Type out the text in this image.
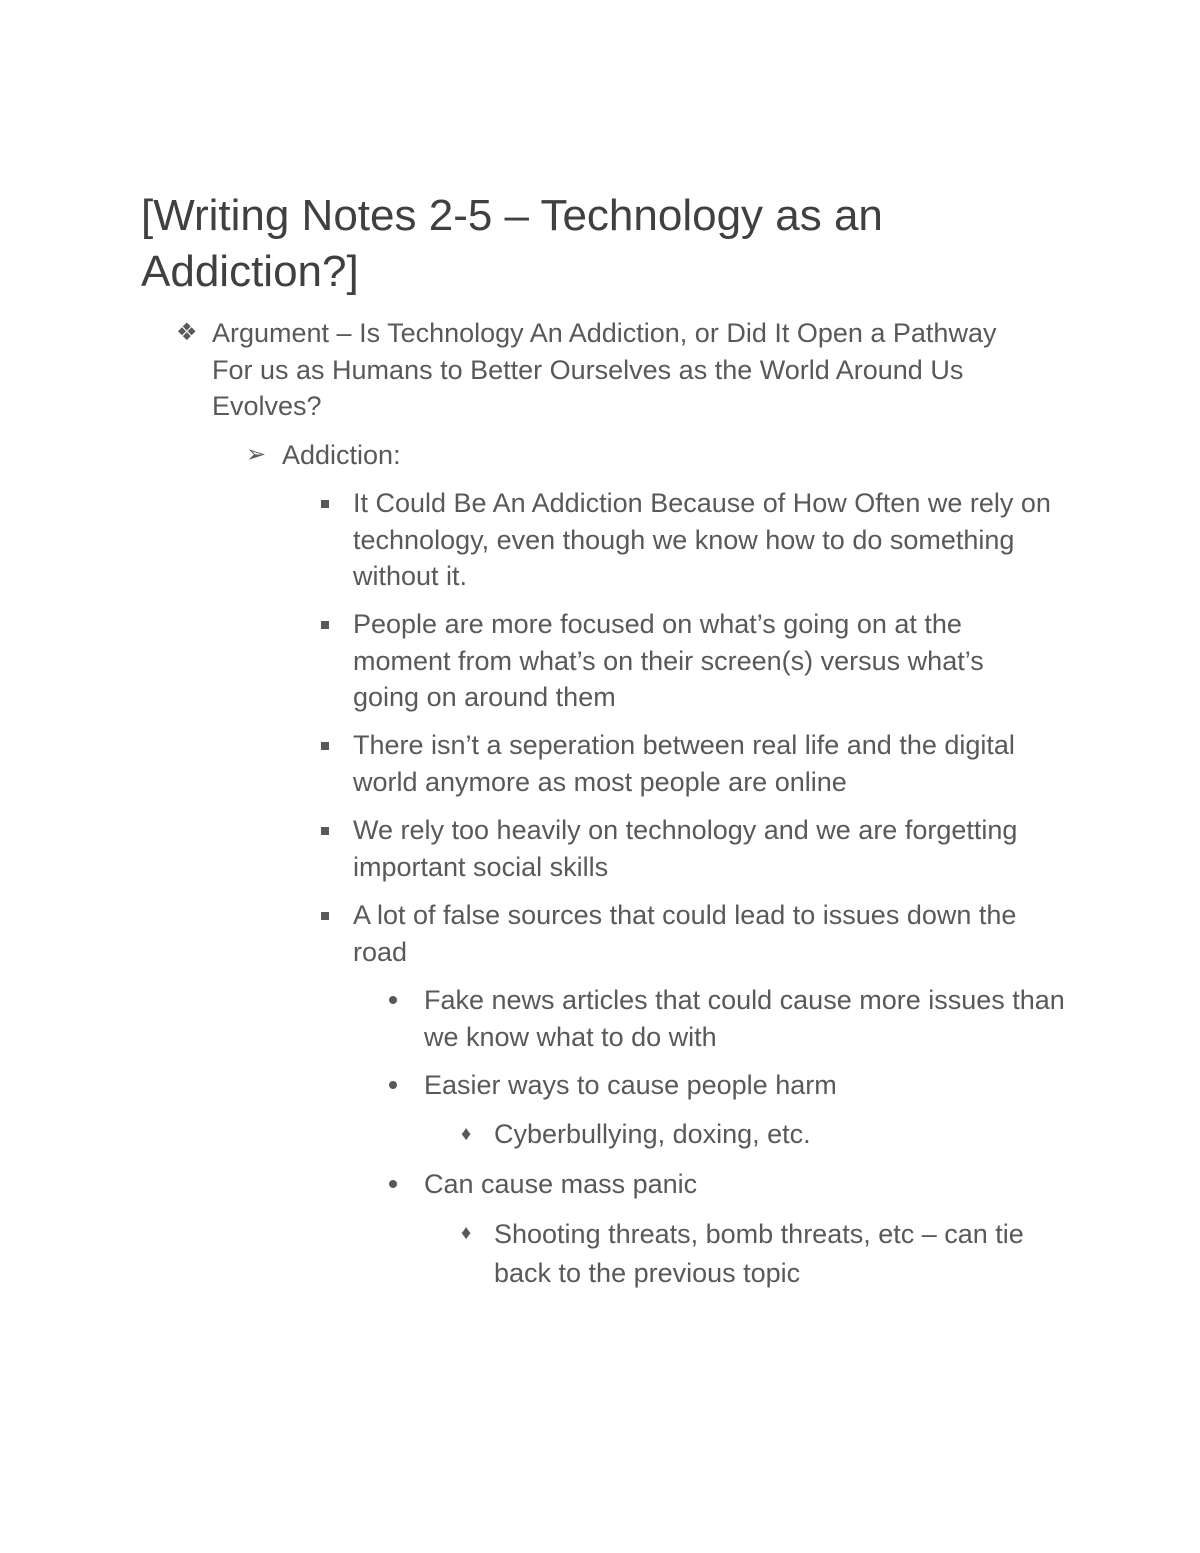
[Writing Notes 2-5 – Technology as an Addiction?]
❖ Argument – Is Technology An Addiction, or Did It Open a Pathway For us as Humans to Better Ourselves as the World Around Us Evolves?
➢ Addiction:
It Could Be An Addiction Because of How Often we rely on technology, even though we know how to do something without it.
People are more focused on what’s going on at the moment from what’s on their screen(s) versus what’s going on around them
There isn’t a seperation between real life and the digital world anymore as most people are online
We rely too heavily on technology and we are forgetting important social skills
A lot of false sources that could lead to issues down the road
Fake news articles that could cause more issues than we know what to do with
Easier ways to cause people harm
♦ Cyberbullying, doxing, etc.
Can cause mass panic
♦ Shooting threats, bomb threats, etc – can tie back to the previous topic
